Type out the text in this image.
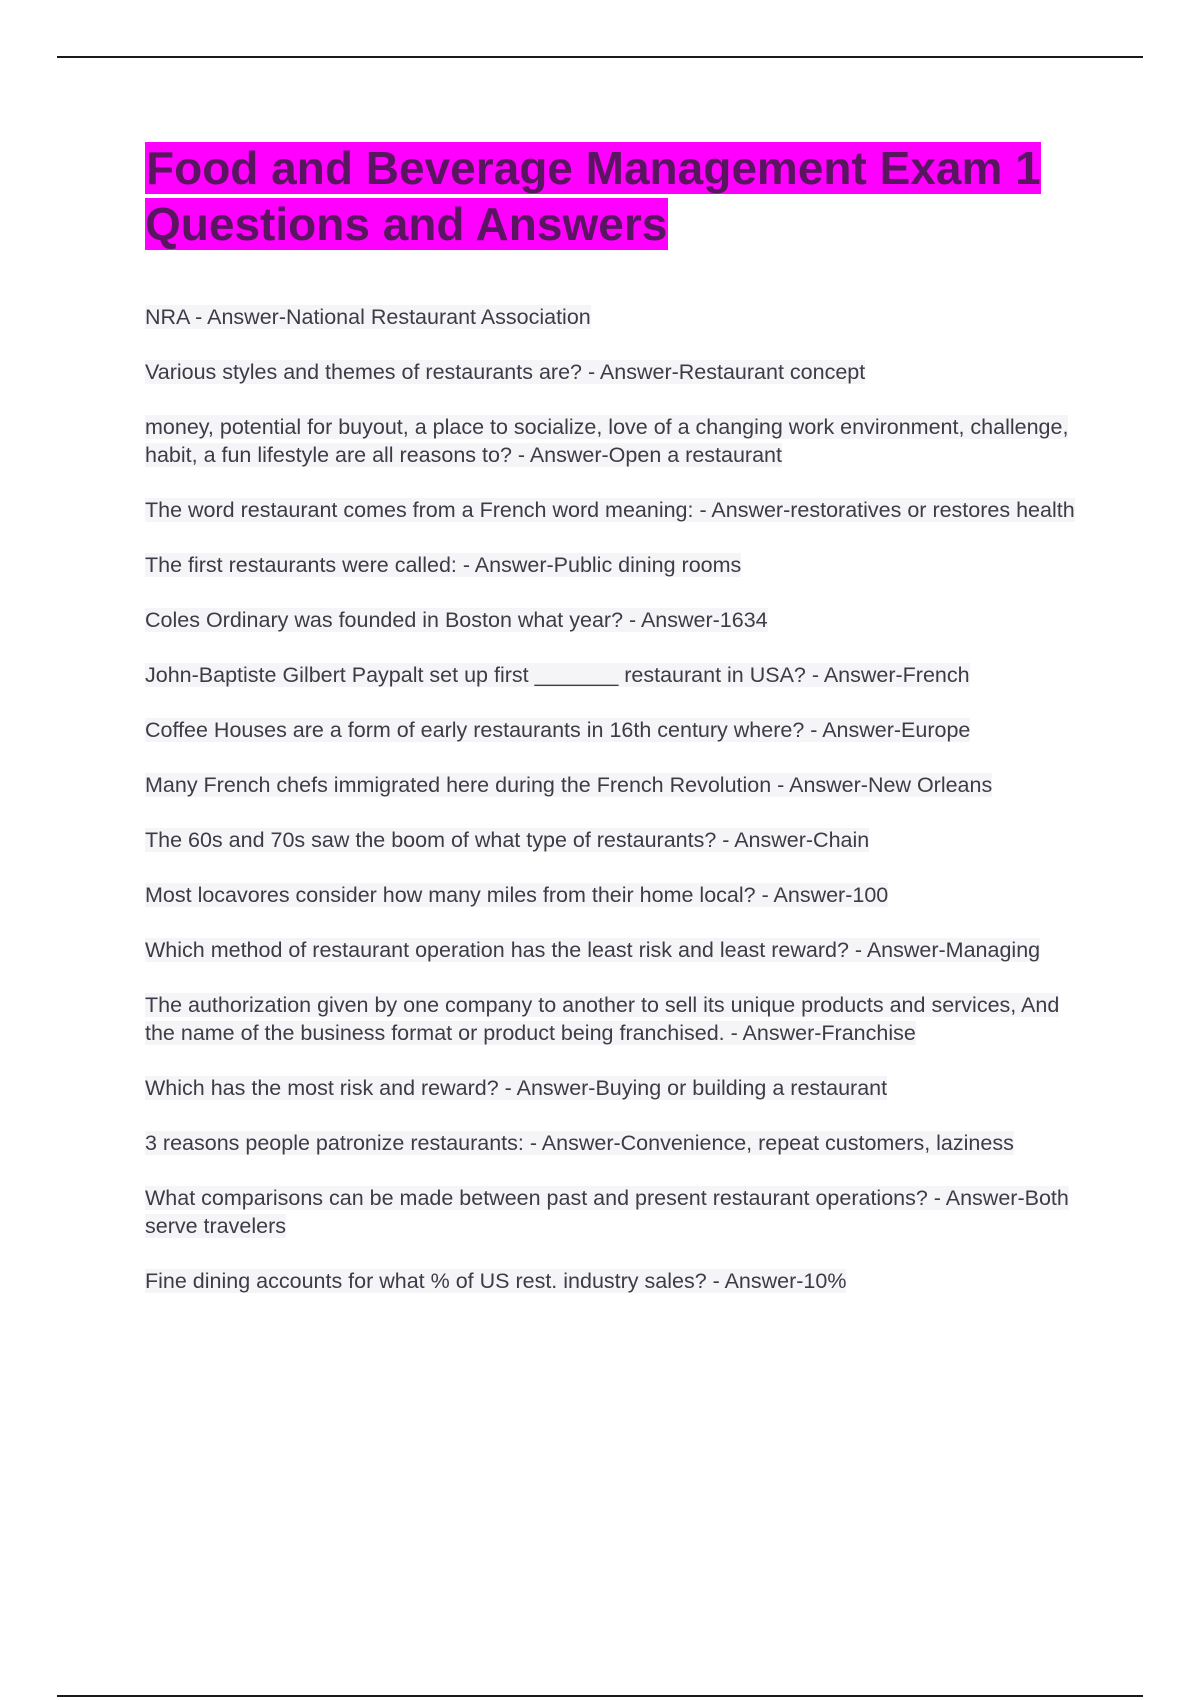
Food and Beverage Management Exam 1 Questions and Answers
NRA - Answer-National Restaurant Association
Various styles and themes of restaurants are? - Answer-Restaurant concept
money, potential for buyout, a place to socialize, love of a changing work environment, challenge, habit, a fun lifestyle are all reasons to? - Answer-Open a restaurant
The word restaurant comes from a French word meaning: - Answer-restoratives or restores health
The first restaurants were called: - Answer-Public dining rooms
Coles Ordinary was founded in Boston what year? - Answer-1634
John-Baptiste Gilbert Paypalt set up first _______ restaurant in USA? - Answer-French
Coffee Houses are a form of early restaurants in 16th century where? - Answer-Europe
Many French chefs immigrated here during the French Revolution - Answer-New Orleans
The 60s and 70s saw the boom of what type of restaurants? - Answer-Chain
Most locavores consider how many miles from their home local? - Answer-100
Which method of restaurant operation has the least risk and least reward? - Answer-Managing
The authorization given by one company to another to sell its unique products and services, And the name of the business format or product being franchised. - Answer-Franchise
Which has the most risk and reward? - Answer-Buying or building a restaurant
3 reasons people patronize restaurants: - Answer-Convenience, repeat customers, laziness
What comparisons can be made between past and present restaurant operations? - Answer-Both serve travelers
Fine dining accounts for what % of US rest. industry sales? - Answer-10%
